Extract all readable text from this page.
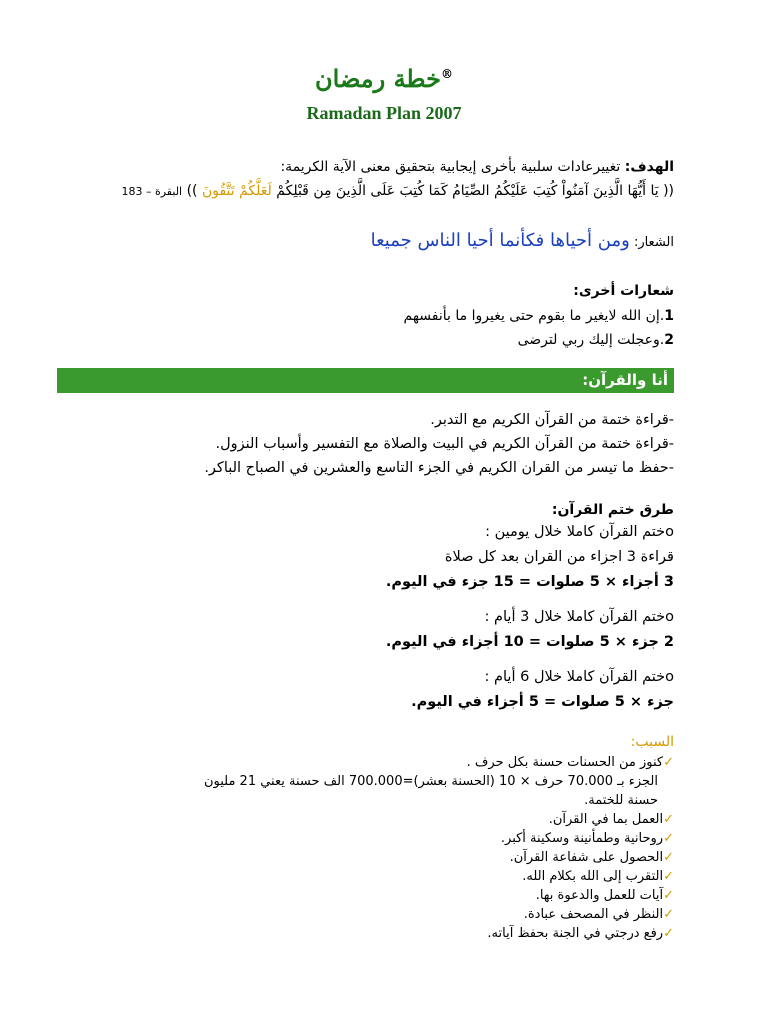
خطة رمضان®
Ramadan Plan 2007
الهدف: تغييرعادات سلبية بأخرى إيجابية بتحقيق معنى الآية الكريمة:
(( يَا أَيُّهَا الَّذِينَ آمَنُواْ كُتِبَ عَلَيْكُمُ الصِّيَامُ كَمَا كُتِبَ عَلَى الَّذِينَ مِن قَبْلِكُمْ لَعَلَّكُمْ تَتَّقُونَ )) البقرة – 183
الشعار: ومن أحياها فكأنما أحيا الناس جميعا
شعارات أخرى:
1.إن الله لايغير ما بقوم حتى يغيروا ما بأنفسهم
2.وعجلت إليك ربي لترضى
أنا والقرآن:
-قراءة ختمة من القرآن الكريم مع التدبر.
-قراءة ختمة من القرآن الكريم في البيت والصلاة مع التفسير وأسباب النزول.
-حفظ ما تيسر من القران الكريم في الجزء التاسع والعشرين في الصباح الباكر.
طرق ختم القرآن:
oختم القرآن كاملا خلال يومين :
قراءة 3 اجزاء من القران بعد كل صلاة
3 أجزاء × 5 صلوات = 15 جزء في اليوم.
oختم القرآن كاملا خلال 3 أيام :
2 جزء × 5 صلوات = 10 أجزاء في اليوم.
oختم القرآن كاملا خلال 6 أيام :
جزء × 5 صلوات = 5 أجزاء في اليوم.
السبب:
✓كنوز من الحسنات حسنة بكل حرف .
الجزء بـ 70.000 حرف × 10 (الحسنة بعشر)=700.000 الف حسنة يعني 21 مليون
حسنة للختمة.
✓العمل بما في القرآن.
✓روحانية وطمأنينة وسكينة أكبر.
✓الحصول على شفاعة القرآن.
✓التقرب إلى الله بكلام الله.
✓آيات للعمل والدعوة بها.
✓النظر في المصحف عبادة.
✓رفع درجتي في الجنة بحفظ آياته.
